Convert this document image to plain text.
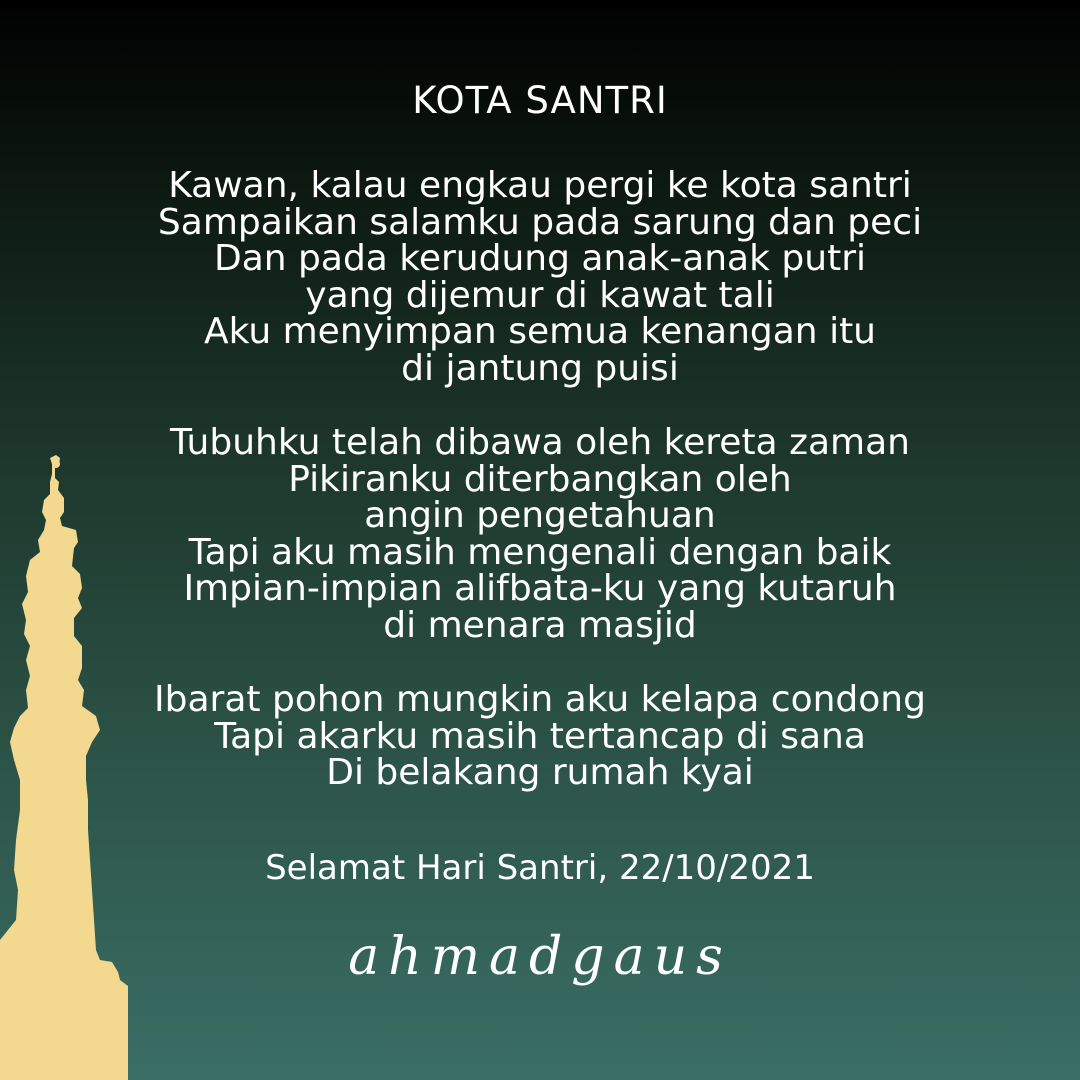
KOTA SANTRI
Kawan, kalau engkau pergi ke kota santri
Sampaikan salamku pada sarung dan peci
Dan pada kerudung anak-anak putri
yang dijemur di kawat tali
Aku menyimpan semua kenangan itu
di jantung puisi
Tubuhku telah dibawa oleh kereta zaman
Pikiranku diterbangkan oleh
angin pengetahuan
Tapi aku masih mengenali dengan baik
Impian-impian alifbata-ku yang kutaruh
di menara masjid
Ibarat pohon mungkin aku kelapa condong
Tapi akarku masih tertancap di sana
Di belakang rumah kyai
Selamat Hari Santri, 22/10/2021
ahmadgaus
